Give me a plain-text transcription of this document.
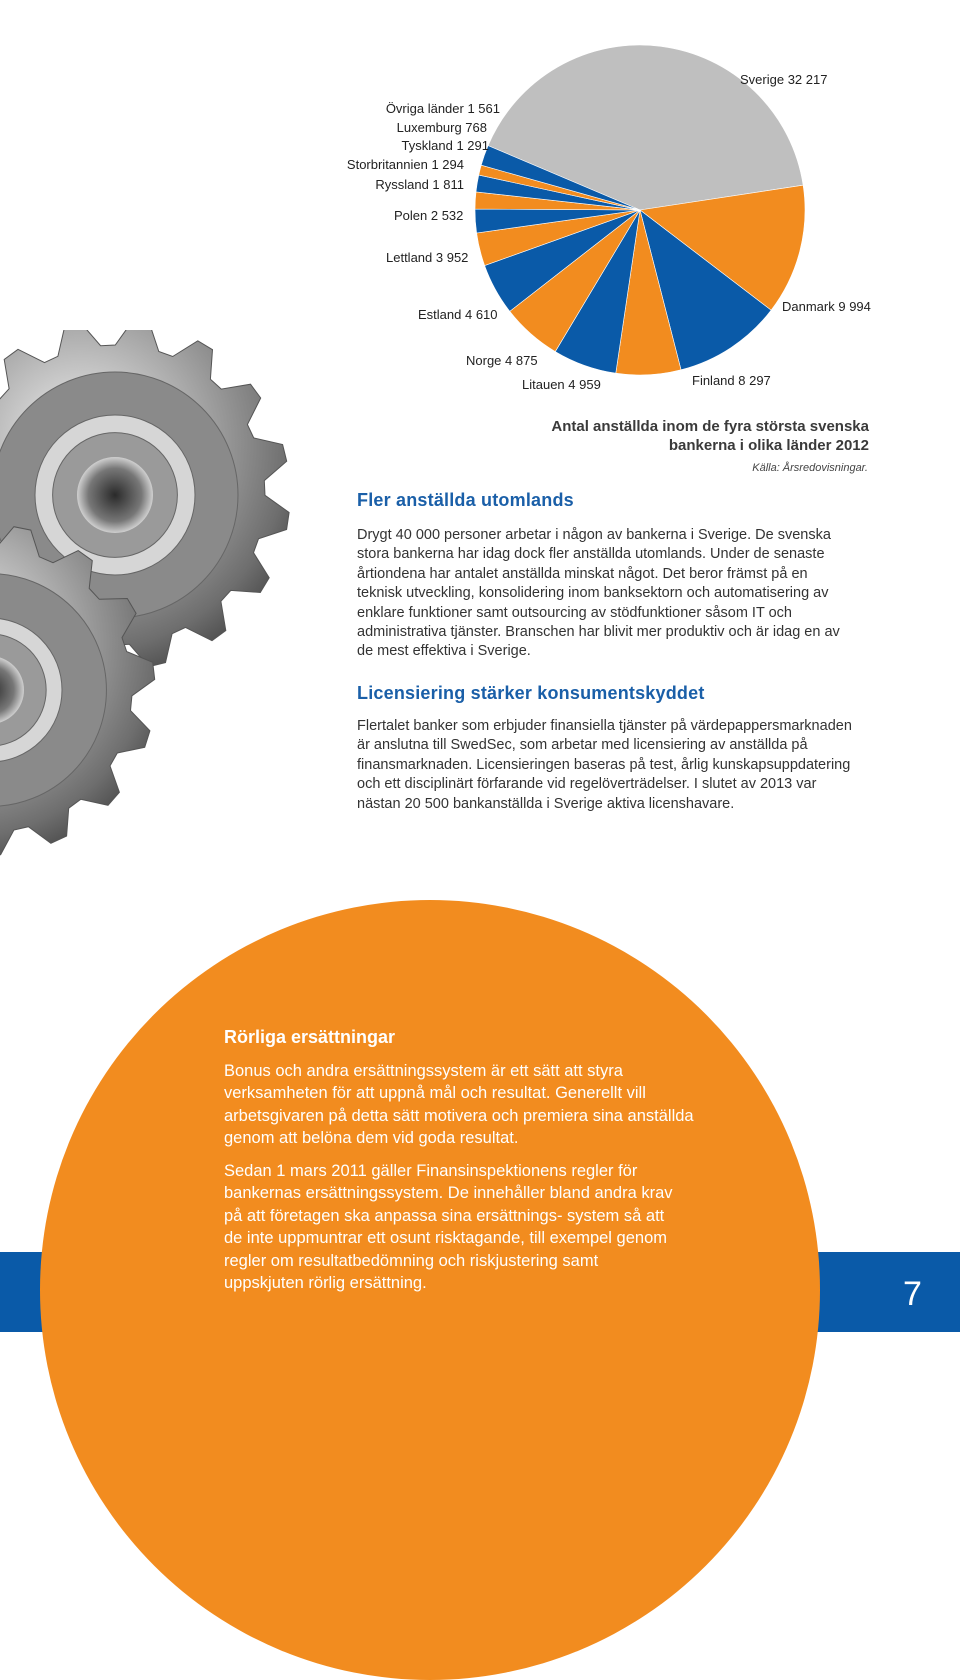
Sverige 32 217
Danmark 9 994
Finland 8 297
Litauen 4 959
Norge 4 875
Estland 4 610
Lettland 3 952
Polen 2 532
Ryssland 1 811
Storbritannien 1 294
Tyskland 1 291
Luxemburg 768
Övriga länder 1 561
Antal anställda inom de fyra största svenska bankerna i olika länder 2012
Källa: Årsredovisningar.
Fler anställda utomlands
Drygt 40 000 personer arbetar i någon av bankerna i Sverige. De svenska stora bankerna har idag dock fler anställda utomlands. Under de senaste årtiondena har antalet anställda minskat något. Det beror främst på en teknisk utveckling, konsolidering inom banksektorn och automatisering av enklare funktioner samt outsourcing av stödfunktioner såsom IT och administrativa tjänster. Branschen har blivit mer produktiv och är idag en av de mest effektiva i Sverige.
Licensiering stärker konsumentskyddet
Flertalet banker som erbjuder finansiella tjänster på värdepappersmarknaden är anslutna till SwedSec, som arbetar med licensiering av anställda på finansmarknaden. Licensieringen baseras på test, årlig kunskapsuppdatering och ett disciplinärt förfarande vid regelöverträdelser. I slutet av 2013 var nästan 20 500 bankanställda i Sverige aktiva licenshavare.
Rörliga ersättningar
Bonus och andra ersättningssystem är ett sätt att styra verksamheten för att uppnå mål och resultat. Generellt vill arbetsgivaren på detta sätt motivera och premiera sina anställda genom att belöna dem vid goda resultat.
Sedan 1 mars 2011 gäller Finansinspektionens regler för bankernas ersättningssystem. De innehåller bland andra krav på att företagen ska anpassa sina ersättnings- system så att de inte uppmuntrar ett osunt risktagande, till exempel genom regler om resultatbedömning och riskjustering samt uppskjuten rörlig ersättning.	7
